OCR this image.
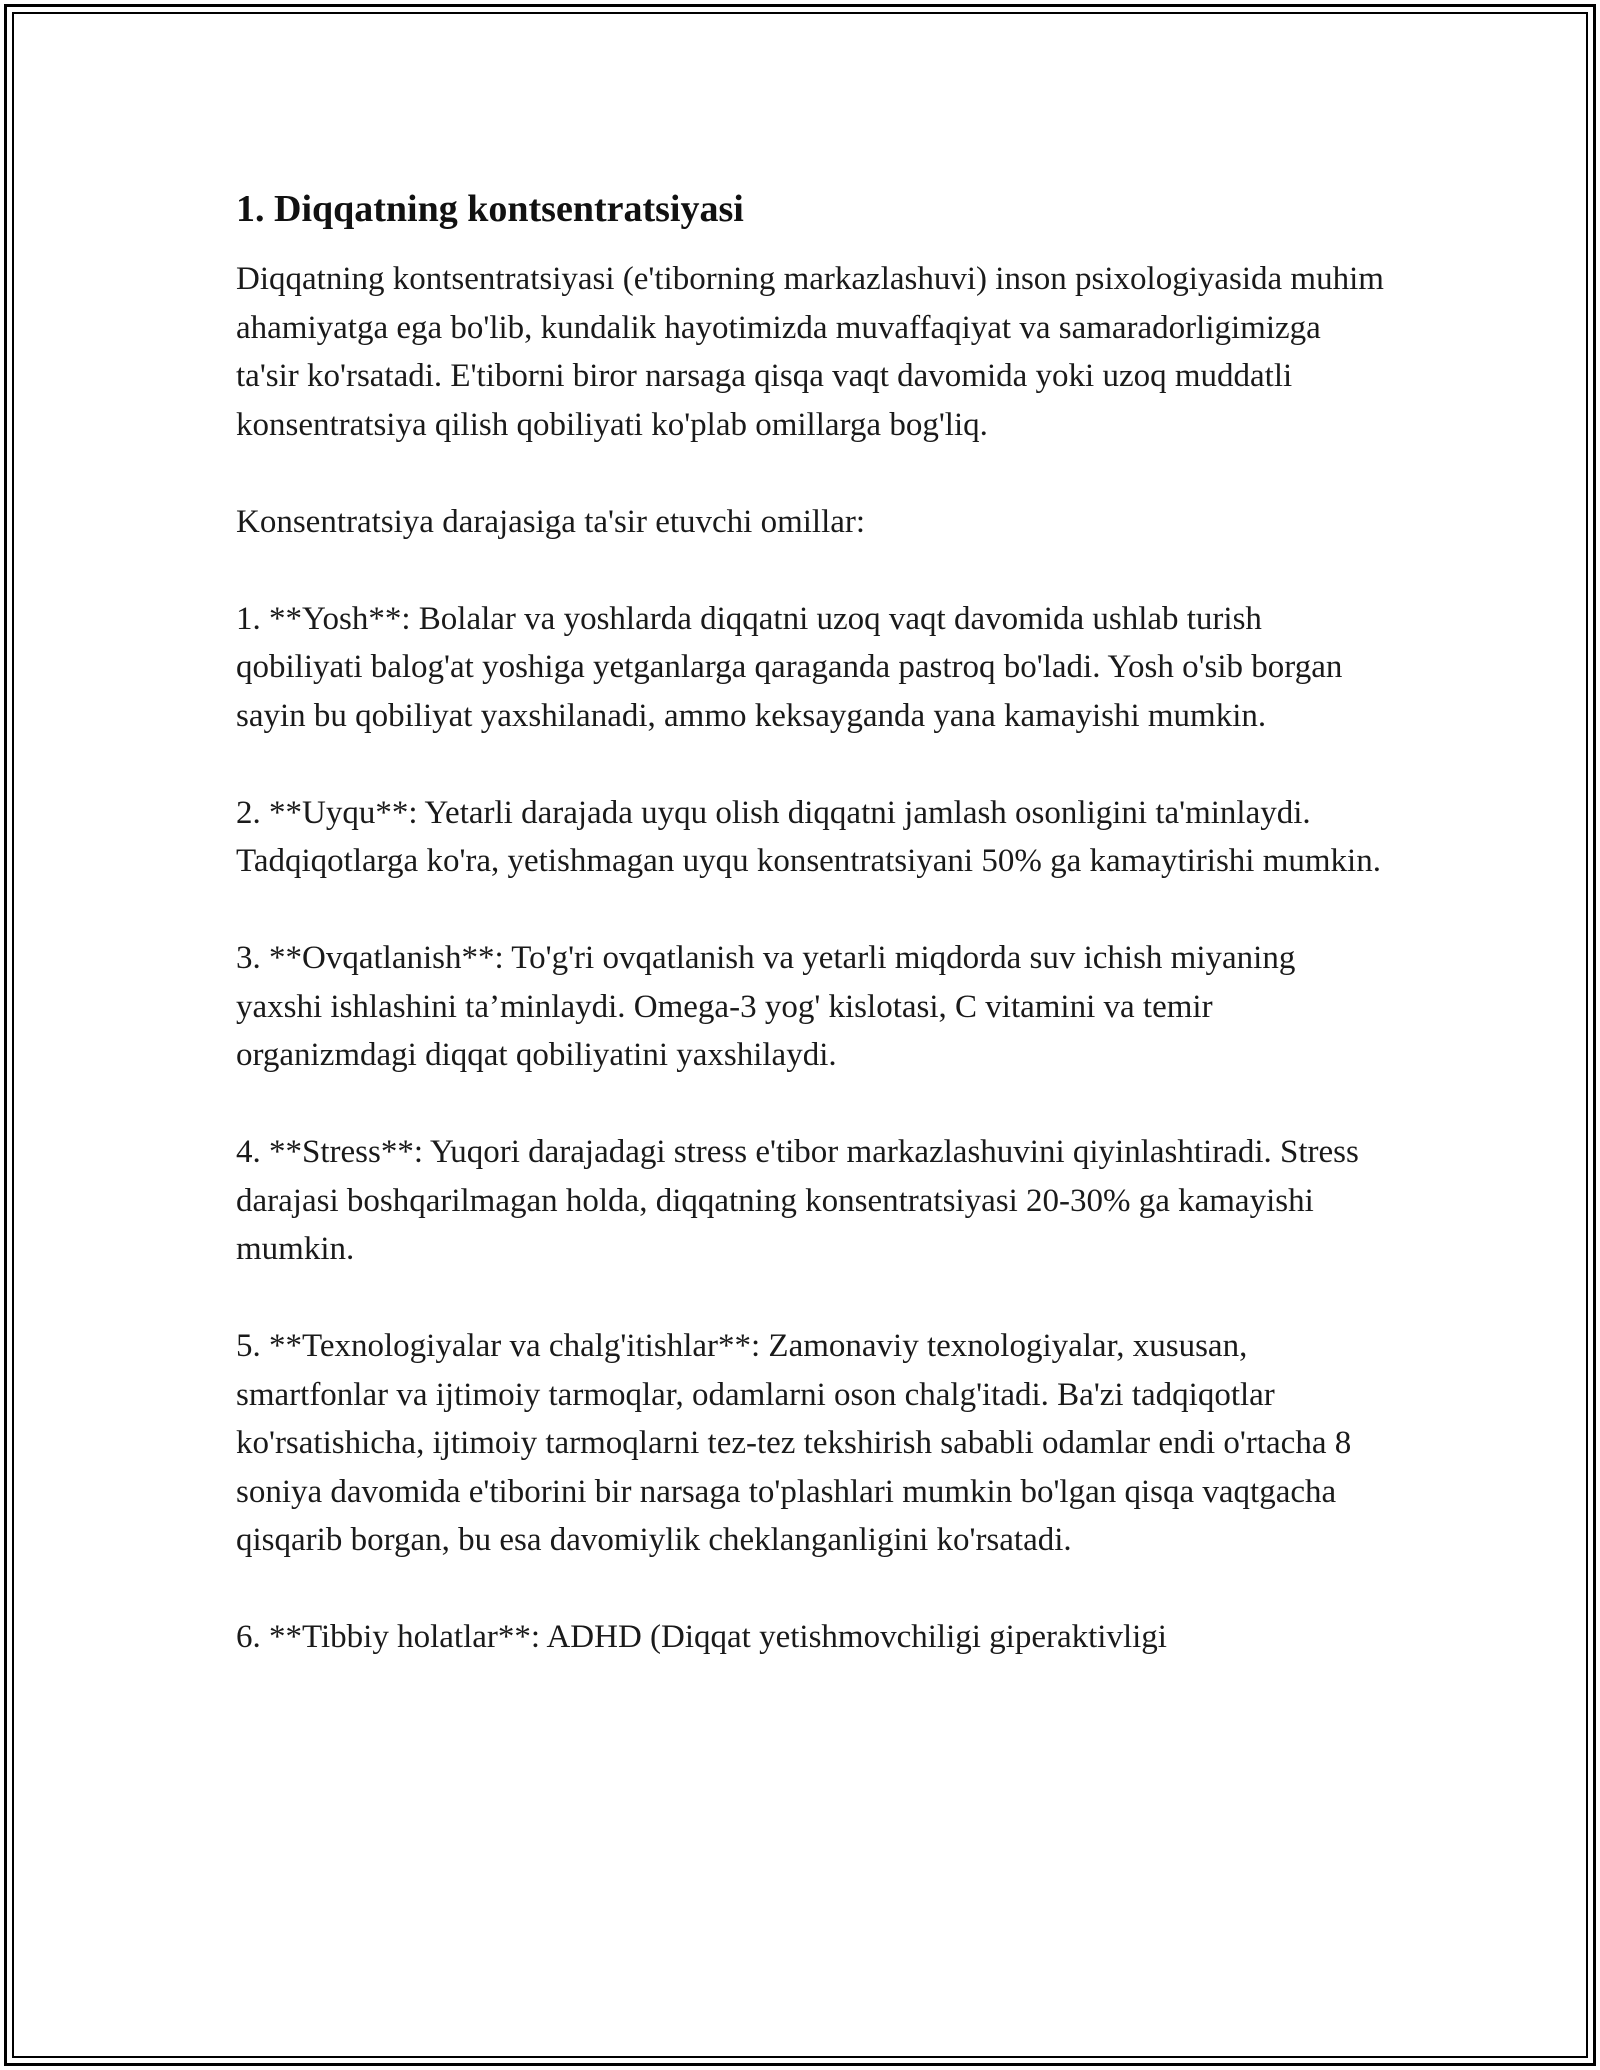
1. Diqqatning kontsentratsiyasi

Diqqatning kontsentratsiyasi (e'tiborning markazlashuvi) inson psixologiyasida muhim ahamiyatga ega bo'lib, kundalik hayotimizda muvaffaqiyat va samaradorligimizga ta'sir ko'rsatadi. E'tiborni biror narsaga qisqa vaqt davomida yoki uzoq muddatli konsentratsiya qilish qobiliyati ko'plab omillarga bog'liq.

Konsentratsiya darajasiga ta'sir etuvchi omillar:

1. **Yosh**: Bolalar va yoshlarda diqqatni uzoq vaqt davomida ushlab turish qobiliyati balog'at yoshiga yetganlarga qaraganda pastroq bo'ladi. Yosh o'sib borgan sayin bu qobiliyat yaxshilanadi, ammo keksayganda yana kamayishi mumkin.

2. **Uyqu**: Yetarli darajada uyqu olish diqqatni jamlash osonligini ta'minlaydi. Tadqiqotlarga ko'ra, yetishmagan uyqu konsentratsiyani 50% ga kamaytirishi mumkin.

3. **Ovqatlanish**: To'g'ri ovqatlanish va yetarli miqdorda suv ichish miyaning yaxshi ishlashini ta’minlaydi. Omega-3 yog' kislotasi, C vitamini va temir organizmdagi diqqat qobiliyatini yaxshilaydi.

4. **Stress**: Yuqori darajadagi stress e'tibor markazlashuvini qiyinlashtiradi. Stress darajasi boshqarilmagan holda, diqqatning konsentratsiyasi 20-30% ga kamayishi mumkin.

5. **Texnologiyalar va chalg'itishlar**: Zamonaviy texnologiyalar, xususan, smartfonlar va ijtimoiy tarmoqlar, odamlarni oson chalg'itadi. Ba'zi tadqiqotlar ko'rsatishicha, ijtimoiy tarmoqlarni tez-tez tekshirish sababli odamlar endi o'rtacha 8 soniya davomida e'tiborini bir narsaga to'plashlari mumkin bo'lgan qisqa vaqtgacha qisqarib borgan, bu esa davomiylik cheklanganligini ko'rsatadi.

6. **Tibbiy holatlar**: ADHD (Diqqat yetishmovchiligi giperaktivligi
